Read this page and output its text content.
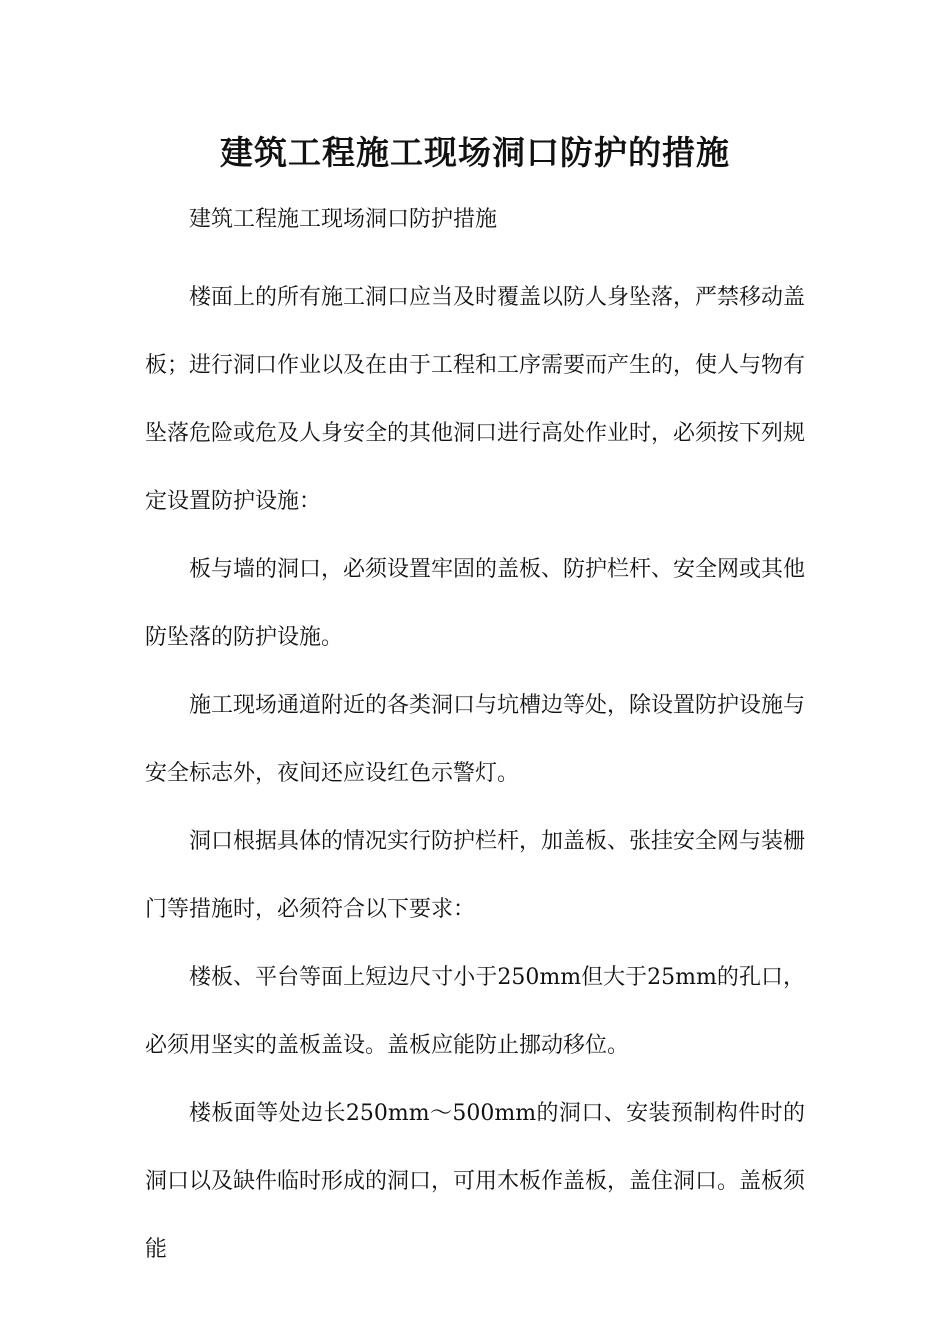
建筑工程施工现场洞口防护的措施

建筑工程施工现场洞口防护措施

楼面上的所有施工洞口应当及时覆盖以防人身坠落，严禁移动盖板；进行洞口作业以及在由于工程和工序需要而产生的，使人与物有坠落危险或危及人身安全的其他洞口进行高处作业时，必须按下列规定设置防护设施：

板与墙的洞口，必须设置牢固的盖板、防护栏杆、安全网或其他防坠落的防护设施。

施工现场通道附近的各类洞口与坑槽边等处，除设置防护设施与安全标志外，夜间还应设红色示警灯。

洞口根据具体的情况实行防护栏杆，加盖板、张挂安全网与装栅门等措施时，必须符合以下要求：

楼板、平台等面上短边尺寸小于250mm但大于25mm的孔口，必须用坚实的盖板盖设。盖板应能防止挪动移位。

楼板面等处边长250mm～500mm的洞口、安装预制构件时的洞口以及缺件临时形成的洞口，可用木板作盖板，盖住洞口。盖板须能
